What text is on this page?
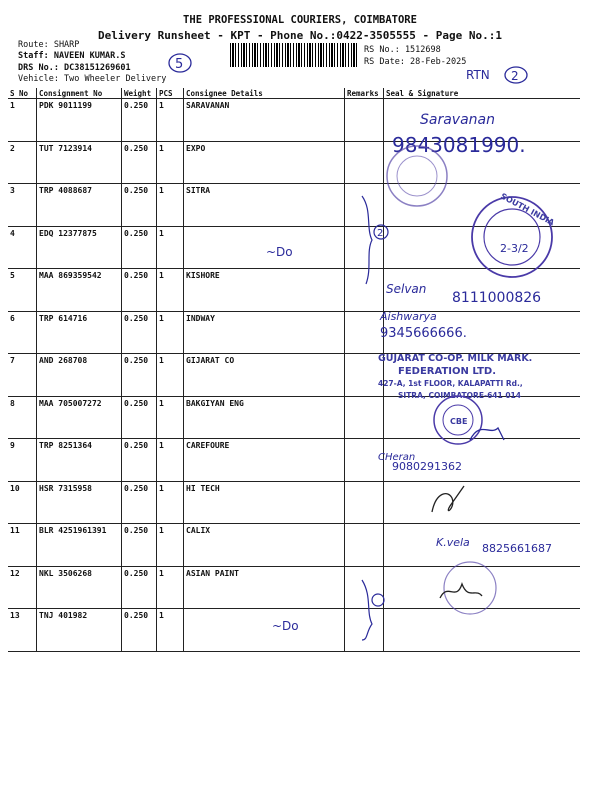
THE PROFESSIONAL COURIERS, COIMBATORE
Delivery Runsheet - KPT - Phone No.:0422-3505555 - Page No.:1
Route: SHARP
Staff: NAVEEN KUMAR.S
DRS No.: DC38151269601
Vehicle: Two Wheeler Delivery
RS No.: 1512698
RS Date: 28-Feb-2025
S No	Consignment No	Weight	PCS	Consignee Details	Remarks	Seal & Signature
1	PDK 9011199	0.250	1	SARAVANAN		
2	TUT 7123914	0.250	1	EXPO		
3	TRP 4088687	0.250	1	SITRA		
4	EDQ 12377875	0.250	1			
5	MAA 869359542	0.250	1	KISHORE		
6	TRP 614716	0.250	1	INDWAY		
7	AND 268708	0.250	1	GIJARAT CO		
8	MAA 705007272	0.250	1	BAKGIYAN ENG		
9	TRP 8251364	0.250	1	CAREFOURE		
10	HSR 7315958	0.250	1	HI TECH		
11	BLR 4251961391	0.250	1	CALIX		
12	NKL 3506268	0.250	1	ASIAN PAINT		
13	TNJ 401982	0.250	1			
5
RTN 2
Saravanan
9843081990.
SOUTH INDIA
2-3/2
~Do
2
Selvan
8111000826
Aishwarya
9345666666.
GUJARAT CO-OP. MILK MARK.
FEDERATION LTD.
427-A, 1st FLOOR, KALAPATTI Rd.,
SITRA, COIMBATORE-641 014
CBE
CHeran
9080291362
K.vela 8825661687
~Do
